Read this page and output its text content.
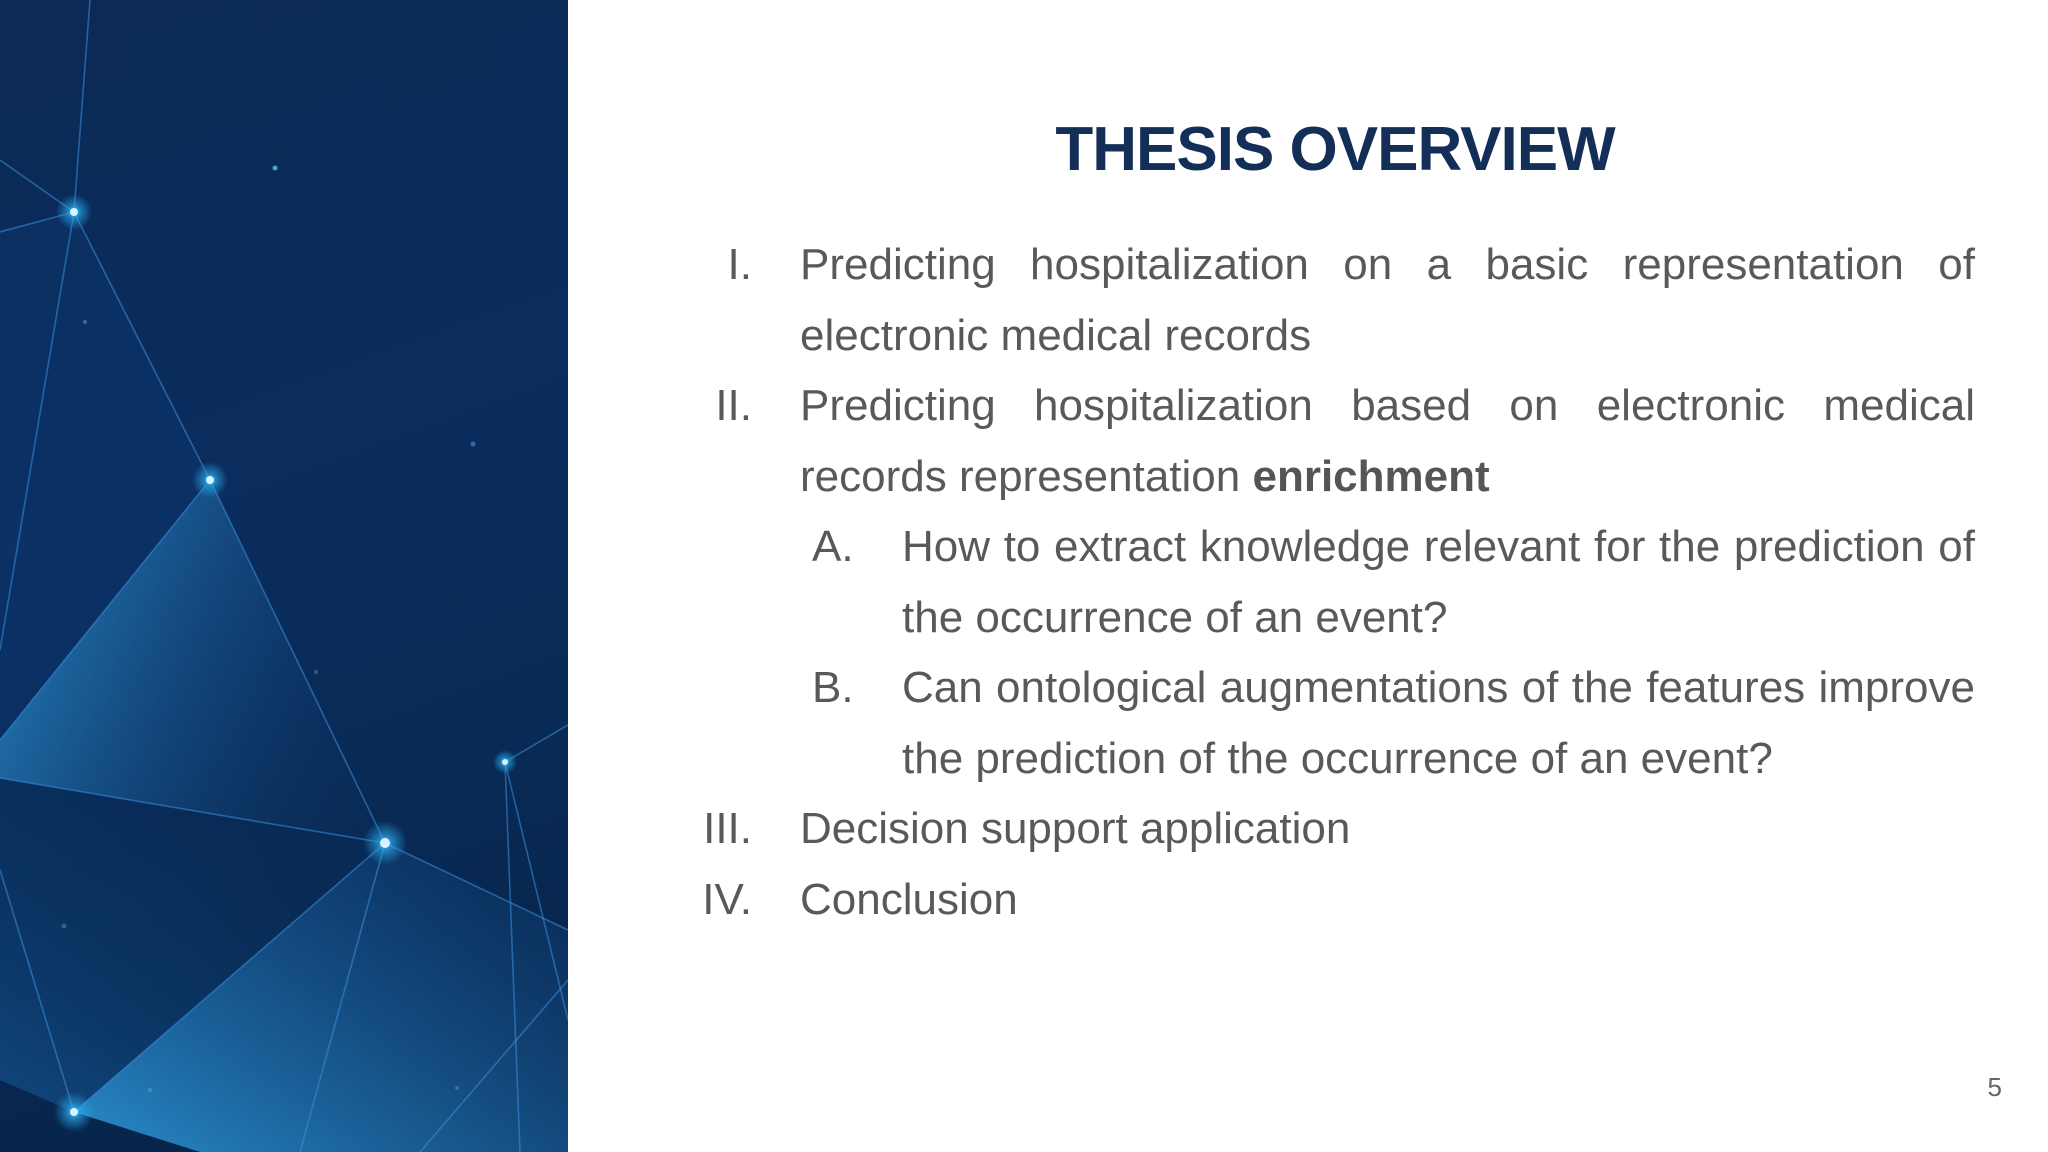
THESIS OVERVIEW
I. Predicting hospitalization on a basic representation of electronic medical records
II. Predicting hospitalization based on electronic medical records representation enrichment
A. How to extract knowledge relevant for the prediction of the occurrence of an event?
B. Can ontological augmentations of the features improve the prediction of the occurrence of an event?
III. Decision support application
IV. Conclusion
5
